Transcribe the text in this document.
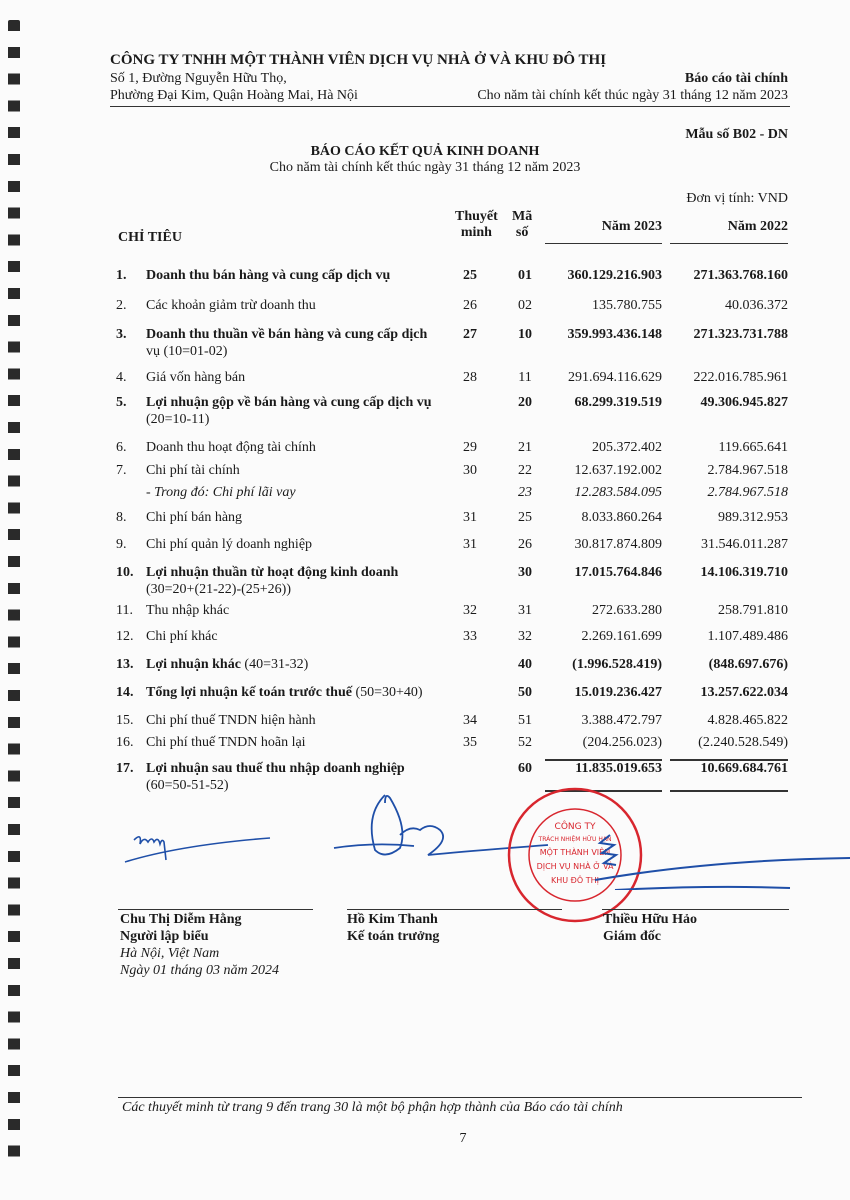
CÔNG TY TNHH MỘT THÀNH VIÊN DỊCH VỤ NHÀ Ở VÀ KHU ĐÔ THỊ
Số 1, Đường Nguyễn Hữu Thọ,
Phường Đại Kim, Quận Hoàng Mai, Hà Nội
Báo cáo tài chính
Cho năm tài chính kết thúc ngày 31 tháng 12 năm 2023
Mẫu số B02 - DN
BÁO CÁO KẾT QUẢ KINH DOANH
Cho năm tài chính kết thúc ngày 31 tháng 12 năm 2023
Đơn vị tính: VND
CHỈ TIÊU
Thuyết
minh
Mã
số	Năm 2023	Năm 2022
1. Doanh thu bán hàng và cung cấp dịch vụ	25	01	360.129.216.903 271.363.768.160
2. Các khoản giảm trừ doanh thu	26	02	135.780.755	40.036.372
3. Doanh thu thuần về bán hàng và cung cấp dịch
vụ (10=01-02)
27	10	359.993.436.148 271.323.731.788
4. Giá vốn hàng bán	28	11	291.694.116.629 222.016.785.961
5. Lợi nhuận gộp về bán hàng và cung cấp dịch vụ
(20=10-11)
20	68.299.319.519	49.306.945.827
6. Doanh thu hoạt động tài chính	29	21	205.372.402	119.665.641
7. Chi phí tài chính	30	22	12.637.192.002	2.784.967.518
- Trong đó: Chi phí lãi vay	23	12.283.584.095	2.784.967.518
8. Chi phí bán hàng	31	25	8.033.860.264	989.312.953
9. Chi phí quản lý doanh nghiệp	31	26	30.817.874.809	31.546.011.287
10. Lợi nhuận thuần từ hoạt động kinh doanh
(30=20+(21-22)-(25+26))
30	17.015.764.846	14.106.319.710
11. Thu nhập khác	32	31	272.633.280	258.791.810
12. Chi phí khác	33	32	2.269.161.699	1.107.489.486
13. Lợi nhuận khác (40=31-32)	40	(1.996.528.419)	(848.697.676)
14. Tổng lợi nhuận kế toán trước thuế (50=30+40)	50	15.019.236.427	13.257.622.034
15. Chi phí thuế TNDN hiện hành	34	51	3.388.472.797	4.828.465.822
16. Chi phí thuế TNDN hoãn lại	35	52	(204.256.023)	(2.240.528.549)
17. Lợi nhuận sau thuế thu nhập doanh nghiệp
(60=50-51-52)
60	11.835.019.653	10.669.684.761
CÔNG TY
TRÁCH NHIỆM HỮU HẠN
MỘT THÀNH VIÊN
DỊCH VỤ NHÀ Ở VÀ
KHU ĐÔ THỊ
Chu Thị Diễm Hằng
Người lập biểu
Hồ Kim Thanh
Kế toán trưởng
Thiều Hữu Hảo
Giám đốc
Hà Nội, Việt Nam
Ngày 01 tháng 03 năm 2024
Các thuyết minh từ trang 9 đến trang 30 là một bộ phận hợp thành của Báo cáo tài chính
7
